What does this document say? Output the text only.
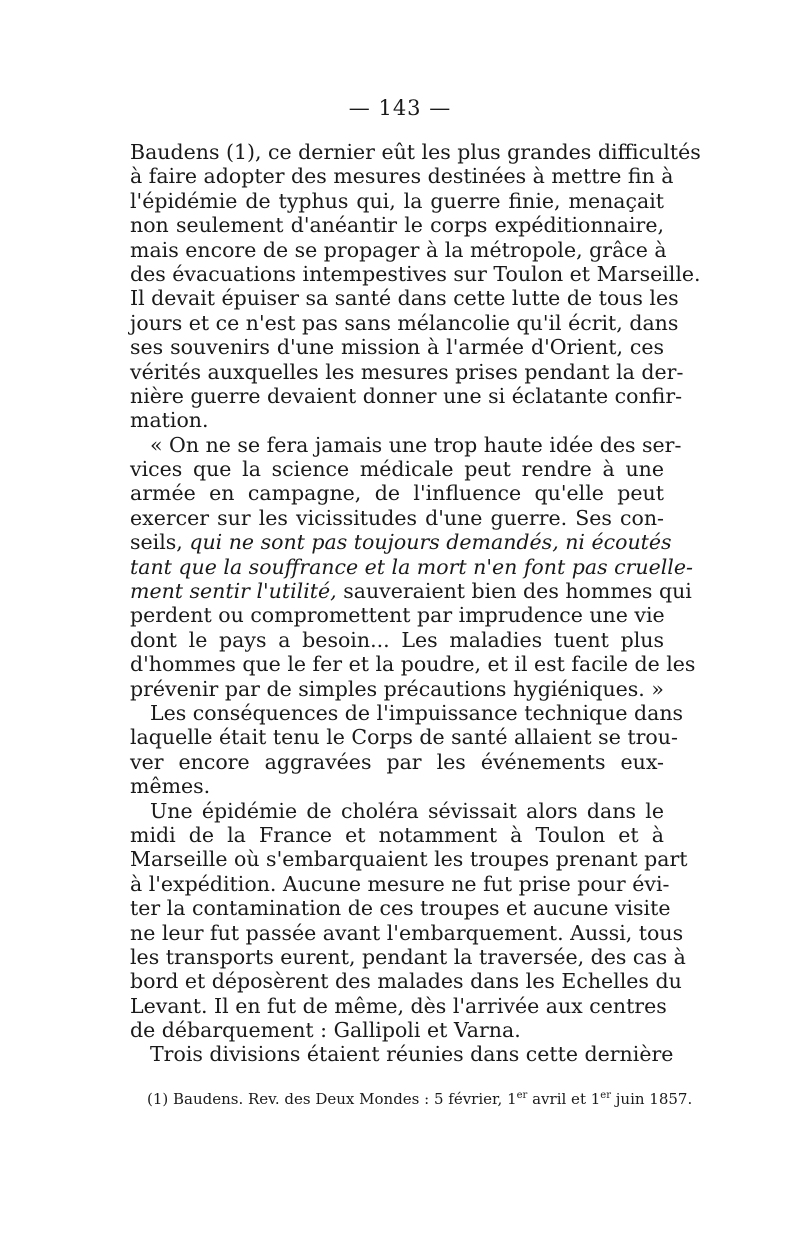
— 143 —
Baudens (1), ce dernier eût les plus grandes difficultés
à faire adopter des mesures destinées à mettre fin à
l'épidémie de typhus qui, la guerre finie, menaçait
non seulement d'anéantir le corps expéditionnaire,
mais encore de se propager à la métropole, grâce à
des évacuations intempestives sur Toulon et Marseille.
Il devait épuiser sa santé dans cette lutte de tous les
jours et ce n'est pas sans mélancolie qu'il écrit, dans
ses souvenirs d'une mission à l'armée d'Orient, ces
vérités auxquelles les mesures prises pendant la der-
nière guerre devaient donner une si éclatante confir-
mation.
« On ne se fera jamais une trop haute idée des ser-
vices que la science médicale peut rendre à une
armée en campagne, de l'influence qu'elle peut
exercer sur les vicissitudes d'une guerre. Ses con-
seils, qui ne sont pas toujours demandés, ni écoutés
tant que la souffrance et la mort n'en font pas cruelle-
ment sentir l'utilité, sauveraient bien des hommes qui
perdent ou compromettent par imprudence une vie
dont le pays a besoin... Les maladies tuent plus
d'hommes que le fer et la poudre, et il est facile de les
prévenir par de simples précautions hygiéniques. »
Les conséquences de l'impuissance technique dans
laquelle était tenu le Corps de santé allaient se trou-
ver encore aggravées par les événements eux-
mêmes.
Une épidémie de choléra sévissait alors dans le
midi de la France et notamment à Toulon et à
Marseille où s'embarquaient les troupes prenant part
à l'expédition. Aucune mesure ne fut prise pour évi-
ter la contamination de ces troupes et aucune visite
ne leur fut passée avant l'embarquement. Aussi, tous
les transports eurent, pendant la traversée, des cas à
bord et déposèrent des malades dans les Echelles du
Levant. Il en fut de même, dès l'arrivée aux centres
de débarquement : Gallipoli et Varna.
Trois divisions étaient réunies dans cette dernière
(1) Baudens. Rev. des Deux Mondes : 5 février, 1er avril et 1er juin 1857.
